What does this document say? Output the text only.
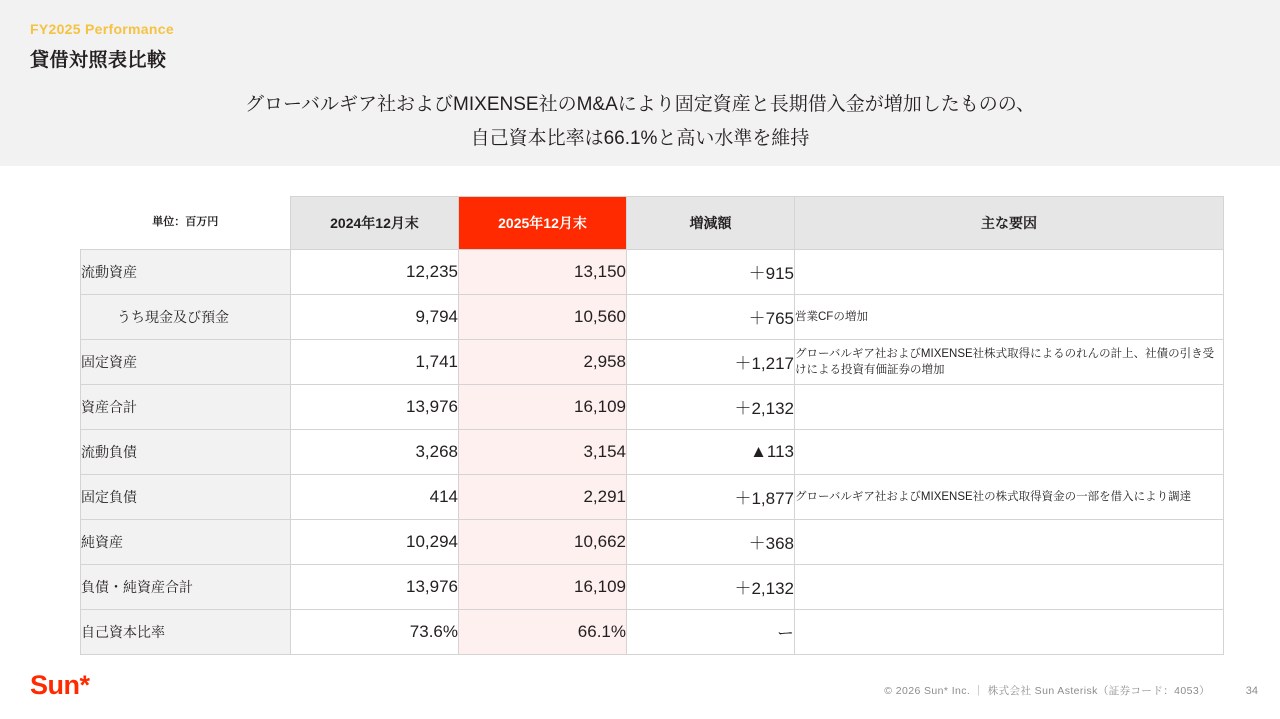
FY2025 Performance
貸借対照表比較
グローバルギア社およびMIXENSE社のM&Aにより固定資産と長期借入金が増加したものの、
自己資本比率は66.1%と高い水準を維持
単位：百万円	2024年12月末	2025年12月末	増減額	主な要因
流動資産	12,235	13,150	＋915	
うち現金及び預金	9,794	10,560	＋765	営業CFの増加
固定資産	1,741	2,958	＋1,217	グローバルギア社およびMIXENSE社株式取得によるのれんの計上、社債の引き受けによる投資有価証券の増加
資産合計	13,976	16,109	＋2,132	
流動負債	3,268	3,154	▲113	
固定負債	414	2,291	＋1,877	グローバルギア社およびMIXENSE社の株式取得資金の一部を借入により調達
純資産	10,294	10,662	＋368	
負債・純資産合計	13,976	16,109	＋2,132	
自己資本比率	73.6%	66.1%	ー	
Sun*	© 2026 Sun* Inc. ｜ 株式会社 Sun Asterisk（証券コード：4053）	34
